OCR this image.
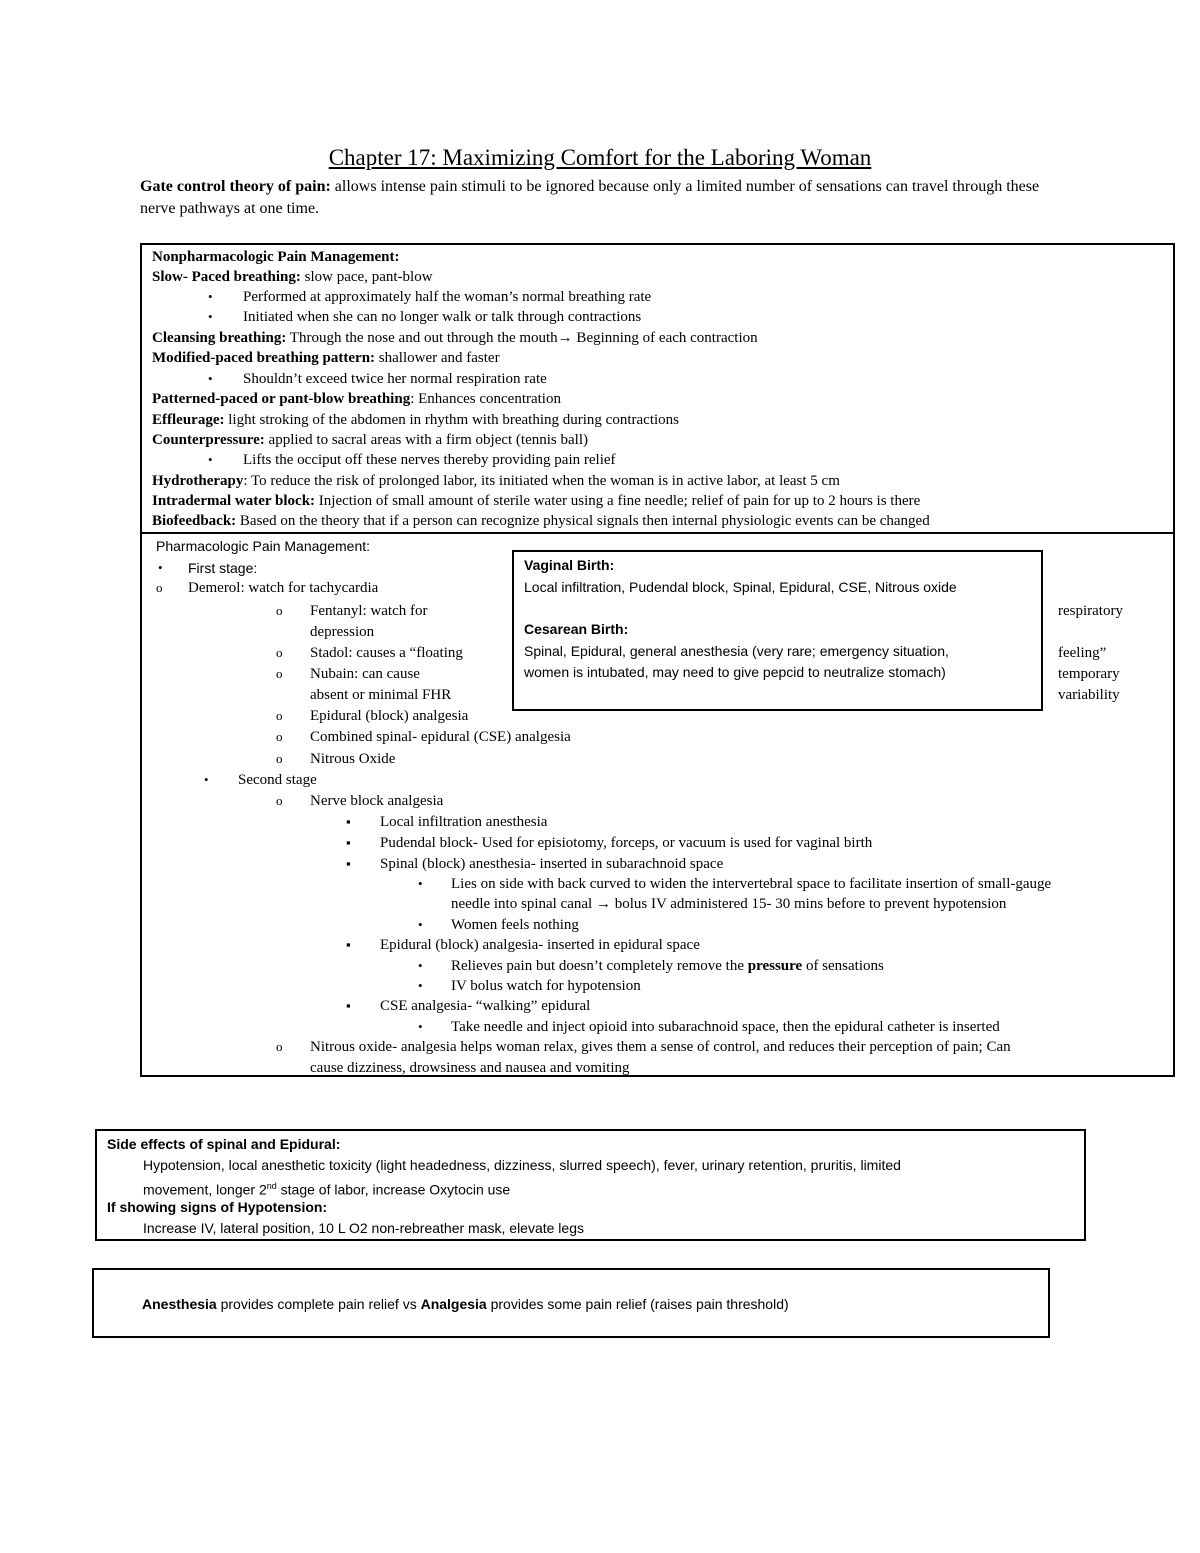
Chapter 17: Maximizing Comfort for the Laboring Woman
Gate control theory of pain: allows intense pain stimuli to be ignored because only a limited number of sensations can travel through these nerve pathways at one time.
Nonpharmacologic Pain Management:
Slow- Paced breathing: slow pace, pant-blow
•
Performed at approximately half the woman’s normal breathing rate
•
Initiated when she can no longer walk or talk through contractions
Cleansing breathing: Through the nose and out through the mouth→ Beginning of each contraction
Modified-paced breathing pattern: shallower and faster
•
Shouldn’t exceed twice her normal respiration rate
Patterned-paced or pant-blow breathing: Enhances concentration
Effleurage: light stroking of the abdomen in rhythm with breathing during contractions
Counterpressure: applied to sacral areas with a firm object (tennis ball)
•
Lifts the occiput off these nerves thereby providing pain relief
Hydrotherapy: To reduce the risk of prolonged labor, its initiated when the woman is in active labor, at least 5 cm
Intradermal water block: Injection of small amount of sterile water using a fine needle; relief of pain for up to 2 hours is there
Biofeedback: Based on the theory that if a person can recognize physical signals then internal physiologic events can be changed
Pharmacologic Pain Management:
•
First stage:
o
Demerol: watch for tachycardia
o
Fentanyl: watch for
depression
o
Stadol: causes a “floating
o
Nubain: can cause
absent or minimal FHR
respiratory
feeling”
temporary
variability
o
Epidural (block) analgesia
o
Combined spinal- epidural (CSE) analgesia
o
Nitrous Oxide
•
Second stage
o
Nerve block analgesia
▪
Local infiltration anesthesia
▪
Pudendal block- Used for episiotomy, forceps, or vacuum is used for vaginal birth
▪
Spinal (block) anesthesia- inserted in subarachnoid space
•
Lies on side with back curved to widen the intervertebral space to facilitate insertion of small-gauge
needle into spinal canal → bolus IV administered 15- 30 mins before to prevent hypotension
•
Women feels nothing
▪
Epidural (block) analgesia- inserted in epidural space
•
Relieves pain but doesn’t completely remove the pressure of sensations
•
IV bolus watch for hypotension
▪
CSE analgesia- “walking” epidural
•
Take needle and inject opioid into subarachnoid space, then the epidural catheter is inserted
o
Nitrous oxide- analgesia helps woman relax, gives them a sense of control, and reduces their perception of pain; Can
cause dizziness, drowsiness and nausea and vomiting
Vaginal Birth:
Local infiltration, Pudendal block, Spinal, Epidural, CSE, Nitrous oxide
Cesarean Birth:
Spinal, Epidural, general anesthesia (very rare; emergency situation,
women is intubated, may need to give pepcid to neutralize stomach)
Side effects of spinal and Epidural:
Hypotension, local anesthetic toxicity (light headedness, dizziness, slurred speech), fever, urinary retention, pruritis, limited
movement, longer 2nd stage of labor, increase Oxytocin use
If showing signs of Hypotension:
Increase IV, lateral position, 10 L O2 non-rebreather mask, elevate legs
Anesthesia provides complete pain relief vs Analgesia provides some pain relief (raises pain threshold)
